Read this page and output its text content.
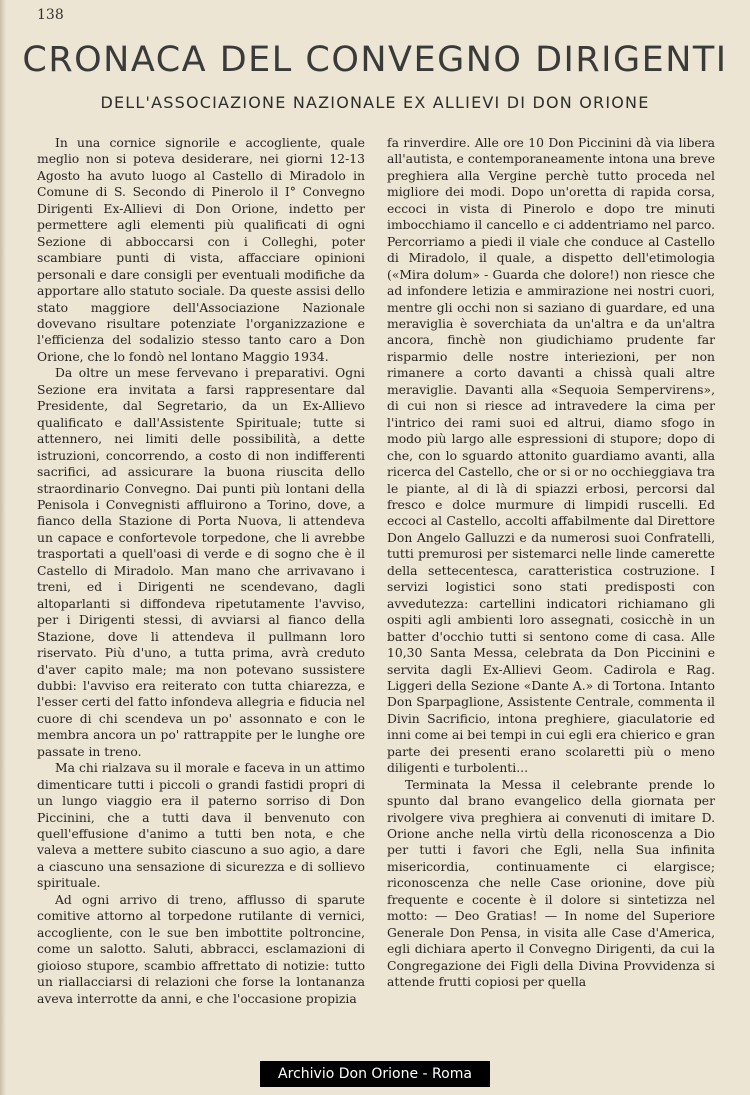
138
CRONACA DEL CONVEGNO DIRIGENTI
DELL'ASSOCIAZIONE NAZIONALE EX ALLIEVI DI DON ORIONE

In una cornice signorile e accogliente, quale meglio non si poteva desiderare, nei giorni 12-13 Agosto ha avuto luogo al Castello di Miradolo in Comune di S. Secondo di Pinerolo il I° Convegno Dirigenti Ex-Allievi di Don Orione, indetto per permettere agli elementi più qualificati di ogni Sezione di abboccarsi con i Colleghi, poter scambiare punti di vista, affacciare opinioni personali e dare consigli per eventuali modifiche da apportare allo statuto sociale. Da queste assisi dello stato maggiore dell'Associazione Nazionale dovevano risultare potenziate l'organizzazione e l'efficienza del sodalizio stesso tanto caro a Don Orione, che lo fondò nel lontano Maggio 1934.

Da oltre un mese fervevano i preparativi. Ogni Sezione era invitata a farsi rappresentare dal Presidente, dal Segretario, da un Ex-Allievo qualificato e dall'Assistente Spirituale; tutte si attennero, nei limiti delle possibilità, a dette istruzioni, concorrendo, a costo di non indifferenti sacrifici, ad assicurare la buona riuscita dello straordinario Convegno. Dai punti più lontani della Penisola i Convegnisti affluirono a Torino, dove, a fianco della Stazione di Porta Nuova, li attendeva un capace e confortevole torpedone, che li avrebbe trasportati a quell'oasi di verde e di sogno che è il Castello di Miradolo. Man mano che arrivavano i treni, ed i Dirigenti ne scendevano, dagli altoparlanti si diffondeva ripetutamente l'avviso, per i Dirigenti stessi, di avviarsi al fianco della Stazione, dove li attendeva il pullmann loro riservato. Più d'uno, a tutta prima, avrà creduto d'aver capito male; ma non potevano sussistere dubbi: l'avviso era reiterato con tutta chiarezza, e l'esser certi del fatto infondeva allegria e fiducia nel cuore di chi scendeva un po' assonnato e con le membra ancora un po' rattrappite per le lunghe ore passate in treno.

Ma chi rialzava su il morale e faceva in un attimo dimenticare tutti i piccoli o grandi fastidi propri di un lungo viaggio era il paterno sorriso di Don Piccinini, che a tutti dava il benvenuto con quell'effusione d'animo a tutti ben nota, e che valeva a mettere subito ciascuno a suo agio, a dare a ciascuno una sensazione di sicurezza e di sollievo spirituale.

Ad ogni arrivo di treno, afflusso di sparute comitive attorno al torpedone rutilante di vernici, accogliente, con le sue ben imbottite poltroncine, come un salotto. Saluti, abbracci, esclamazioni di gioioso stupore, scambio affrettato di notizie: tutto un riallacciarsi di relazioni che forse la lontananza aveva interrotte da anni, e che l'occasione propizia

fa rinverdire. Alle ore 10 Don Piccinini dà via libera all'autista, e contemporaneamente intona una breve preghiera alla Vergine perchè tutto proceda nel migliore dei modi. Dopo un'oretta di rapida corsa, eccoci in vista di Pinerolo e dopo tre minuti imbocchiamo il cancello e ci addentriamo nel parco. Percorriamo a piedi il viale che conduce al Castello di Miradolo, il quale, a dispetto dell'etimologia («Mira dolum» - Guarda che dolore!) non riesce che ad infondere letizia e ammirazione nei nostri cuori, mentre gli occhi non si saziano di guardare, ed una meraviglia è soverchiata da un'altra e da un'altra ancora, finchè non giudichiamo prudente far risparmio delle nostre interiezioni, per non rimanere a corto davanti a chissà quali altre meraviglie. Davanti alla «Sequoia Sempervirens», di cui non si riesce ad intravedere la cima per l'intrico dei rami suoi ed altrui, diamo sfogo in modo più largo alle espressioni di stupore; dopo di che, con lo sguardo attonito guardiamo avanti, alla ricerca del Castello, che or si or no occhieggiava tra le piante, al di là di spiazzi erbosi, percorsi dal fresco e dolce murmure di limpidi ruscelli. Ed eccoci al Castello, accolti affabilmente dal Direttore Don Angelo Galluzzi e da numerosi suoi Confratelli, tutti premurosi per sistemarci nelle linde camerette della settecentesca, caratteristica costruzione. I servizi logistici sono stati predisposti con avvedutezza: cartellini indicatori richiamano gli ospiti agli ambienti loro assegnati, cosicchè in un batter d'occhio tutti si sentono come di casa. Alle 10,30 Santa Messa, celebrata da Don Piccinini e servita dagli Ex-Allievi Geom. Cadirola e Rag. Liggeri della Sezione «Dante A.» di Tortona. Intanto Don Sparpaglione, Assistente Centrale, commenta il Divin Sacrificio, intona preghiere, giaculatorie ed inni come ai bei tempi in cui egli era chierico e gran parte dei presenti erano scolaretti più o meno diligenti e turbolenti...

Terminata la Messa il celebrante prende lo spunto dal brano evangelico della giornata per rivolgere viva preghiera ai convenuti di imitare D. Orione anche nella virtù della riconoscenza a Dio per tutti i favori che Egli, nella Sua infinita misericordia, continuamente ci elargisce; riconoscenza che nelle Case orionine, dove più frequente e cocente è il dolore si sintetizza nel motto: — Deo Gratias! — In nome del Superiore Generale Don Pensa, in visita alle Case d'America, egli dichiara aperto il Convegno Dirigenti, da cui la Congregazione dei Figli della Divina Provvidenza si attende frutti copiosi per quella

Archivio Don Orione - Roma
